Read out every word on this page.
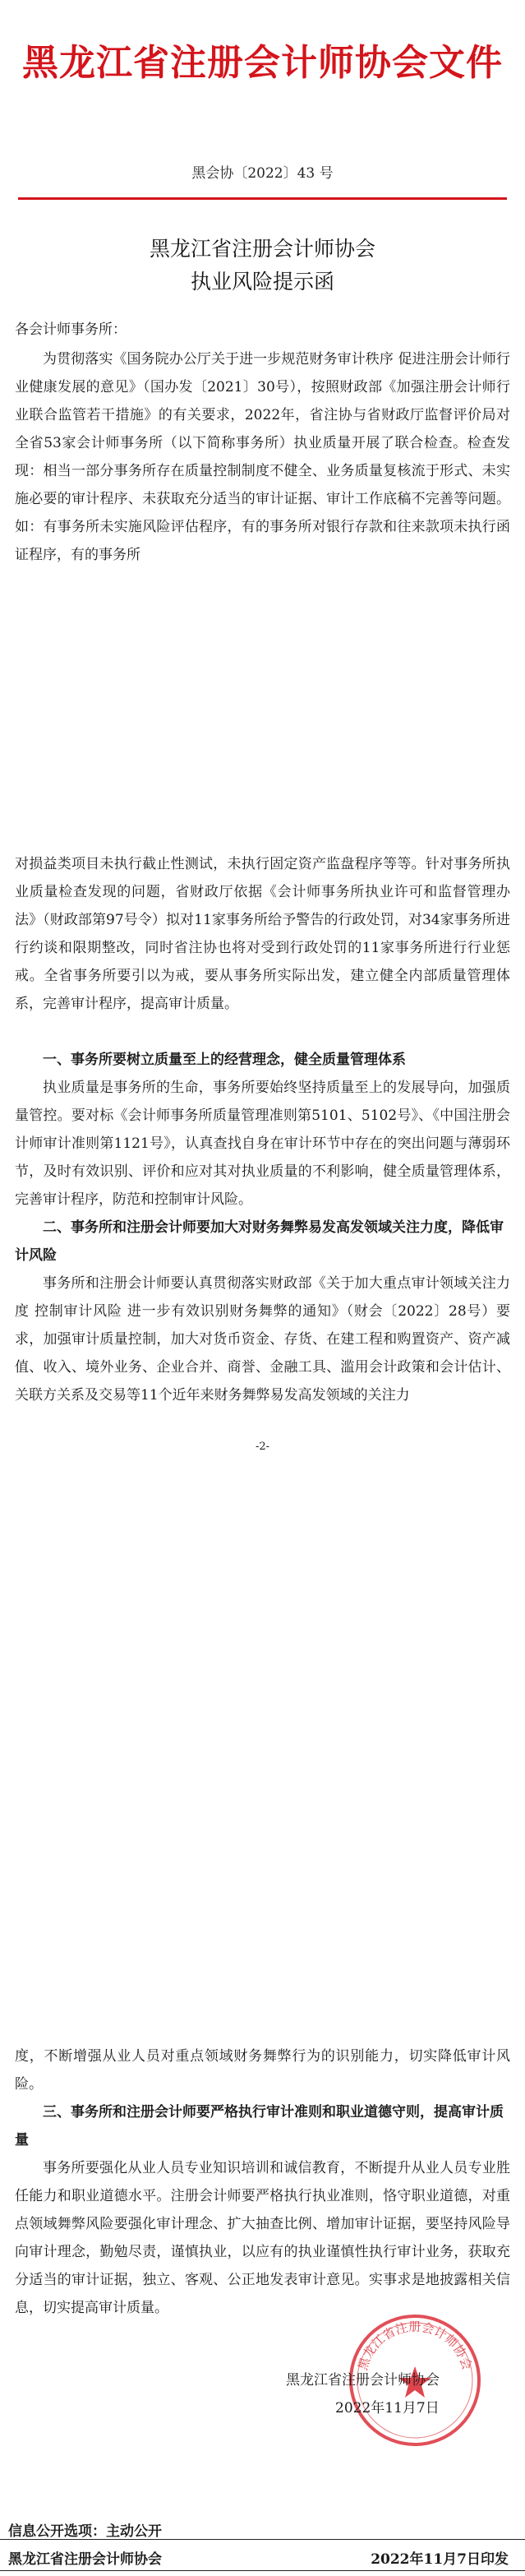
黑龙江省注册会计师协会文件
黑会协〔2022〕43 号
黑龙江省注册会计师协会
执业风险提示函
各会计师事务所：

为贯彻落实《国务院办公厅关于进一步规范财务审计秩序 促进注册会计师行业健康发展的意见》（国办发〔2021〕30号），按照财政部《加强注册会计师行业联合监管若干措施》的有关要求，2022年，省注协与省财政厅监督评价局对全省53家会计师事务所（以下简称事务所）执业质量开展了联合检查。检查发现：相当一部分事务所存在质量控制制度不健全、业务质量复核流于形式、未实施必要的审计程序、未获取充分适当的审计证据、审计工作底稿不完善等问题。如：有事务所未实施风险评估程序，有的事务所对银行存款和往来款项未执行函证程序，有的事务所

对损益类项目未执行截止性测试，未执行固定资产监盘程序等等。针对事务所执业质量检查发现的问题，省财政厅依据《会计师事务所执业许可和监督管理办法》（财政部第97号令）拟对11家事务所给予警告的行政处罚，对34家事务所进行约谈和限期整改，同时省注协也将对受到行政处罚的11家事务所进行行业惩戒。全省事务所要引以为戒，要从事务所实际出发，建立健全内部质量管理体系，完善审计程序，提高审计质量。

一、事务所要树立质量至上的经营理念，健全质量管理体系

执业质量是事务所的生命，事务所要始终坚持质量至上的发展导向，加强质量管控。要对标《会计师事务所质量管理准则第5101、5102号》、《中国注册会计师审计准则第1121号》，认真查找自身在审计环节中存在的突出问题与薄弱环节，及时有效识别、评价和应对其对执业质量的不利影响，健全质量管理体系，完善审计程序，防范和控制审计风险。

二、事务所和注册会计师要加大对财务舞弊易发高发领域关注力度，降低审计风险

事务所和注册会计师要认真贯彻落实财政部《关于加大重点审计领域关注力度 控制审计风险 进一步有效识别财务舞弊的通知》（财会〔2022〕28号）要求，加强审计质量控制，加大对货币资金、存货、在建工程和购置资产、资产减值、收入、境外业务、企业合并、商誉、金融工具、滥用会计政策和会计估计、关联方关系及交易等11个近年来财务舞弊易发高发领域的关注力

-2-

度，不断增强从业人员对重点领域财务舞弊行为的识别能力，切实降低审计风险。

三、事务所和注册会计师要严格执行审计准则和职业道德守则，提高审计质量

事务所要强化从业人员专业知识培训和诚信教育，不断提升从业人员专业胜任能力和职业道德水平。注册会计师要严格执行执业准则，恪守职业道德，对重点领域舞弊风险要强化审计理念、扩大抽查比例、增加审计证据，要坚持风险导向审计理念，勤勉尽责，谨慎执业，以应有的执业谨慎性执行审计业务，获取充分适当的审计证据，独立、客观、公正地发表审计意见。实事求是地披露相关信息，切实提高审计质量。

黑龙江省注册会计师协会
黑龙江省注册会计师协会
2022年11月7日
信息公开选项：主动公开
黑龙江省注册会计师协会	2022年11月7日印发
